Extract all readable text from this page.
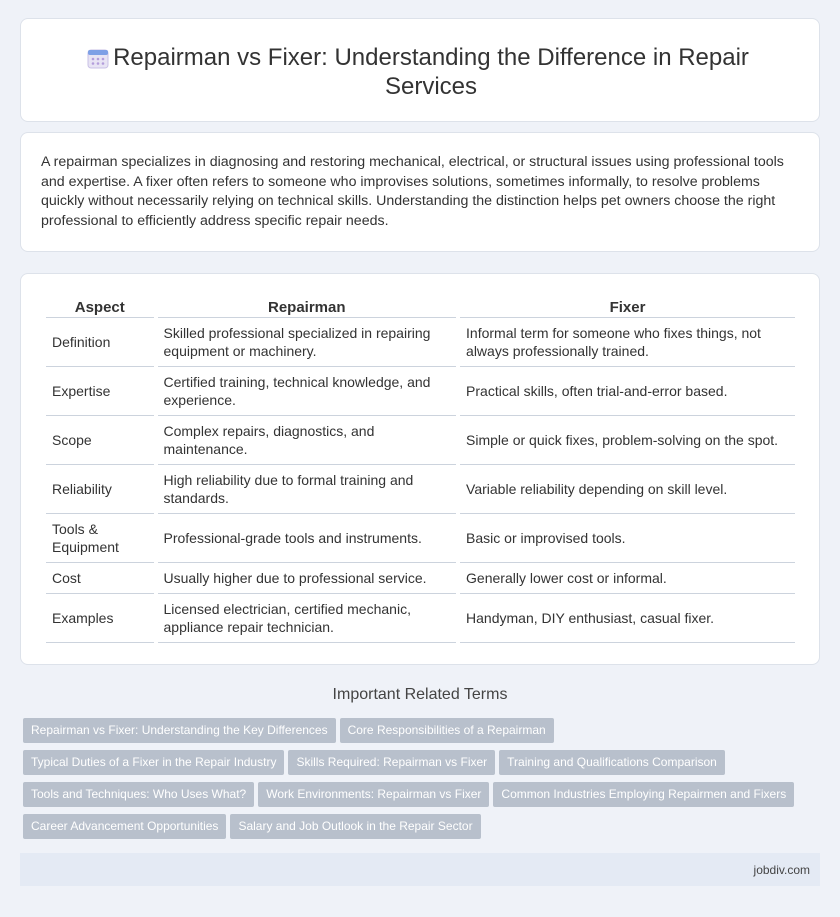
Repairman vs Fixer: Understanding the Difference in Repair Services

A repairman specializes in diagnosing and restoring mechanical, electrical, or structural issues using professional tools and expertise. A fixer often refers to someone who improvises solutions, sometimes informally, to resolve problems quickly without necessarily relying on technical skills. Understanding the distinction helps pet owners choose the right professional to efficiently address specific repair needs.

Aspect	Repairman	Fixer
Definition	Skilled professional specialized in repairing equipment or machinery.	Informal term for someone who fixes things, not always professionally trained.
Expertise	Certified training, technical knowledge, and experience.	Practical skills, often trial-and-error based.
Scope	Complex repairs, diagnostics, and maintenance.	Simple or quick fixes, problem-solving on the spot.
Reliability	High reliability due to formal training and standards.	Variable reliability depending on skill level.
Tools & Equipment	Professional-grade tools and instruments.	Basic or improvised tools.
Cost	Usually higher due to professional service.	Generally lower cost or informal.
Examples	Licensed electrician, certified mechanic, appliance repair technician.	Handyman, DIY enthusiast, casual fixer.
Important Related Terms
Repairman vs Fixer: Understanding the Key Differences	Core Responsibilities of a Repairman
Typical Duties of a Fixer in the Repair Industry	Skills Required: Repairman vs Fixer	Training and Qualifications Comparison
Tools and Techniques: Who Uses What?	Work Environments: Repairman vs Fixer	Common Industries Employing Repairmen and Fixers
Career Advancement Opportunities	Salary and Job Outlook in the Repair Sector
jobdiv.com
